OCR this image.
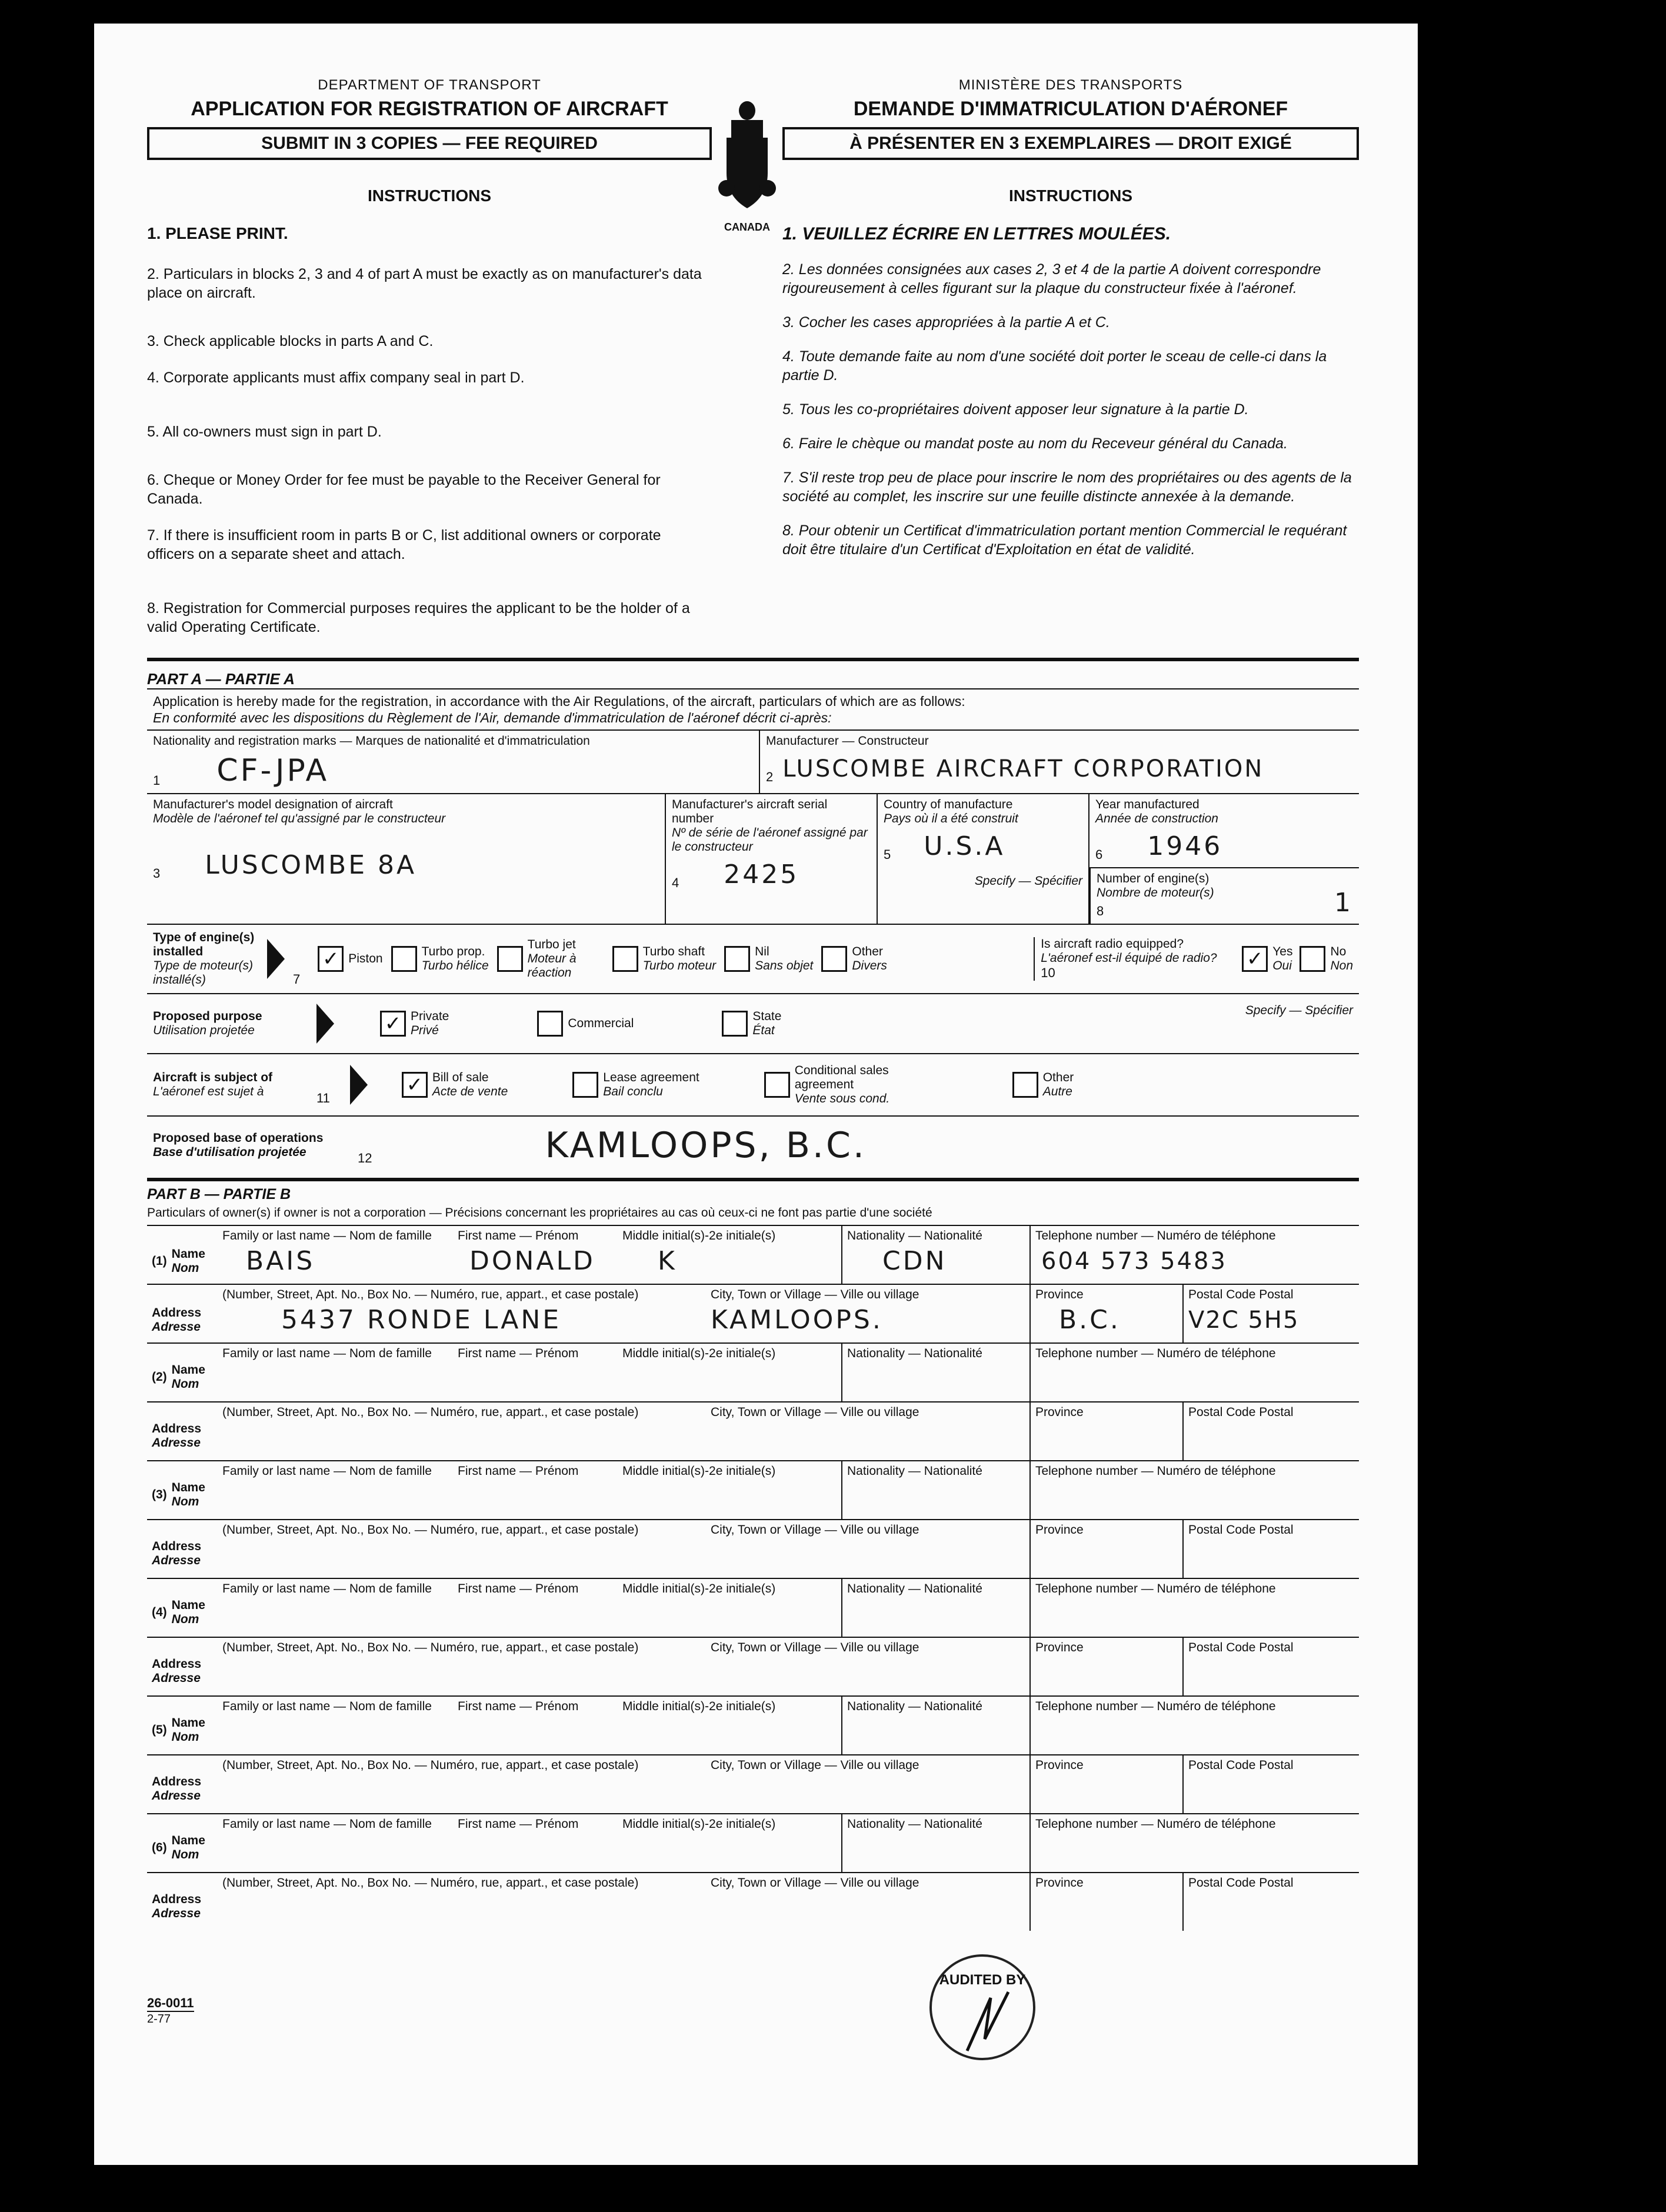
DEPARTMENT OF TRANSPORT
APPLICATION FOR REGISTRATION OF AIRCRAFT
SUBMIT IN 3 COPIES — FEE REQUIRED
INSTRUCTIONS
1. PLEASE PRINT.
2. Particulars in blocks 2, 3 and 4 of part A must be exactly as on manufacturer's data place on aircraft.
3. Check applicable blocks in parts A and C.
4. Corporate applicants must affix company seal in part D.
5. All co-owners must sign in part D.
6. Cheque or Money Order for fee must be payable to the Receiver General for Canada.
7. If there is insufficient room in parts B or C, list additional owners or corporate officers on a separate sheet and attach.
8. Registration for Commercial purposes requires the applicant to be the holder of a valid Operating Certificate.
CANADA
MINISTÈRE DES TRANSPORTS
DEMANDE D'IMMATRICULATION D'AÉRONEF
À PRÉSENTER EN 3 EXEMPLAIRES — DROIT EXIGÉ
INSTRUCTIONS
1. VEUILLEZ ÉCRIRE EN LETTRES MOULÉES.
2. Les données consignées aux cases 2, 3 et 4 de la partie A doivent correspondre rigoureusement à celles figurant sur la plaque du constructeur fixée à l'aéronef.
3. Cocher les cases appropriées à la partie A et C.
4. Toute demande faite au nom d'une société doit porter le sceau de celle-ci dans la partie D.
5. Tous les co-propriétaires doivent apposer leur signature à la partie D.
6. Faire le chèque ou mandat poste au nom du Receveur général du Canada.
7. S'il reste trop peu de place pour inscrire le nom des propriétaires ou des agents de la société au complet, les inscrire sur une feuille distincte annexée à la demande.
8. Pour obtenir un Certificat d'immatriculation portant mention Commercial le requérant doit être titulaire d'un Certificat d'Exploitation en état de validité.
PART A — PARTIE A
Application is hereby made for the registration, in accordance with the Air Regulations, of the aircraft, particulars of which are as follows:
En conformité avec les dispositions du Règlement de l'Air, demande d'immatriculation de l'aéronef décrit ci-après:
Nationality and registration marks — Marques de nationalité et d'immatriculation
1 CF-JPA
Manufacturer — Constructeur
2 LUSCOMBE AIRCRAFT CORPORATION
Manufacturer's model designation of aircraft
Modèle de l'aéronef tel qu'assigné par le constructeur
3 LUSCOMBE 8A
Manufacturer's aircraft serial number
Nº de série de l'aéronef assigné par le constructeur
4 2425
Country of manufacture
Pays où il a été construit
5 U.S.A
Specify — Spécifier
Year manufactured
Année de construction
6 1946
Number of engine(s)
Nombre de moteur(s)
8	1
Type of engine(s) installed
Type de moteur(s) installé(s)	7
✓ Piston
Turbo prop.
Turbo hélice
Turbo jet
Moteur à réaction
Turbo shaft
Turbo moteur
Nil
Sans objet
Other
Divers
Is aircraft radio equipped?
L'aéronef est-il équipé de radio?
10
✓ Yes
Oui
No
Non
Proposed purpose
Utilisation projetée	✓ Private
Privé
Commercial
State
État
Specify — Spécifier
Aircraft is subject of
L'aéronef est sujet à	11
✓ Bill of sale
Acte de vente
Lease agreement
Bail conclu
Conditional sales agreement
Vente sous cond.
Other
Autre
Proposed base of operations
Base d'utilisation projetée	12	KAMLOOPS, B.C.
PART B — PARTIE B
Particulars of owner(s) if owner is not a corporation — Précisions concernant les propriétaires au cas où ceux-ci ne font pas partie d'une société
Family or last name — Nom de famille	First name — Prénom	Middle initial(s)-2e initiale(s)
(1)
Name
Nom	BAIS	DONALD	K
Nationality — Nationalité
CDN
Telephone number — Numéro de téléphone
604 573 5483
(Number, Street, Apt. No., Box No. — Numéro, rue, appart., et case postale)	City, Town or Village — Ville ou village
Address
Adresse	5437 RONDE LANE	KAMLOOPS.
Province
B.C.
Postal Code Postal
V2C 5H5
Family or last name — Nom de famille	First name — Prénom	Middle initial(s)-2e initiale(s)
(2)
Name
Nom
Nationality — Nationalité	Telephone number — Numéro de téléphone
(Number, Street, Apt. No., Box No. — Numéro, rue, appart., et case postale)	City, Town or Village — Ville ou village
Address
Adresse
Province	Postal Code Postal
Family or last name — Nom de famille	First name — Prénom	Middle initial(s)-2e initiale(s)
(3)
Name
Nom
Nationality — Nationalité	Telephone number — Numéro de téléphone
(Number, Street, Apt. No., Box No. — Numéro, rue, appart., et case postale)	City, Town or Village — Ville ou village
Address
Adresse
Province	Postal Code Postal
Family or last name — Nom de famille	First name — Prénom	Middle initial(s)-2e initiale(s)
(4)
Name
Nom
Nationality — Nationalité	Telephone number — Numéro de téléphone
(Number, Street, Apt. No., Box No. — Numéro, rue, appart., et case postale)	City, Town or Village — Ville ou village
Address
Adresse
Province	Postal Code Postal
Family or last name — Nom de famille	First name — Prénom	Middle initial(s)-2e initiale(s)
(5)
Name
Nom
Nationality — Nationalité	Telephone number — Numéro de téléphone
(Number, Street, Apt. No., Box No. — Numéro, rue, appart., et case postale)	City, Town or Village — Ville ou village
Address
Adresse
Province	Postal Code Postal
Family or last name — Nom de famille	First name — Prénom	Middle initial(s)-2e initiale(s)
(6)
Name
Nom
Nationality — Nationalité	Telephone number — Numéro de téléphone
(Number, Street, Apt. No., Box No. — Numéro, rue, appart., et case postale)	City, Town or Village — Ville ou village
Address
Adresse
Province	Postal Code Postal
26-0011
2-77
AUDITED BY
